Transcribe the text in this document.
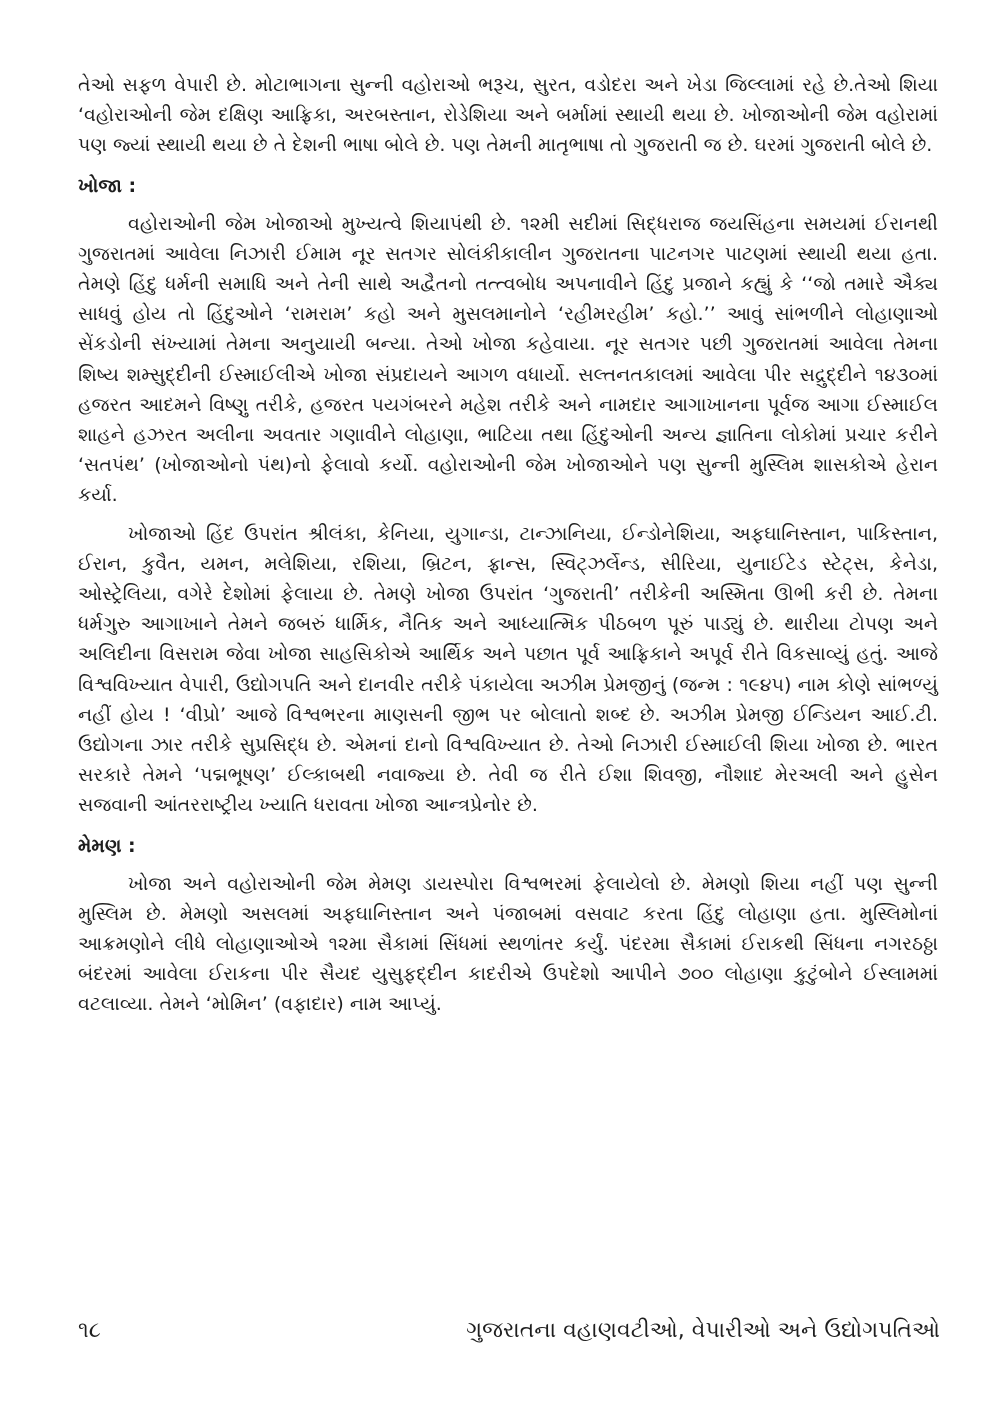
તેઓ સફળ વેપારી છે. મોટાભાગના સુન્ની વહોરાઓ ભરૂચ, સુરત, વડોદરા અને ખેડા જિલ્લામાં રહે છે.તેઓ શિયા ‘વહોરાઓની જેમ દક્ષિણ આફ્રિકા, અરબસ્તાન, રોડેશિયા અને બર્મામાં સ્થાયી થયા છે. ખોજાઓની જેમ વહોરામાં પણ જ્યાં સ્થાયી થયા છે તે દેશની ભાષા બોલે છે. પણ તેમની માતૃભાષા તો ગુજરાતી જ છે. ઘરમાં ગુજરાતી બોલે છે.

ખોજા :

વહોરાઓની જેમ ખોજાઓ મુખ્યત્વે શિયાપંથી છે. ૧૨મી સદીમાં સિદ્ધરાજ જયસિંહના સમયમાં ઈરાનથી ગુજરાતમાં આવેલા નિઝારી ઈમામ નૂર સતગર સોલંકીકાલીન ગુજરાતના પાટનગર પાટણમાં સ્થાયી થયા હતા. તેમણે હિંદુ ધર્મની સમાધિ અને તેની સાથે અદ્વૈતનો તત્ત્વબોધ અપનાવીને હિંદુ પ્રજાને કહ્યું કે ‘‘જો તમારે ઐક્ય સાધવું હોય તો હિંદુઓને ‘રામરામ’ કહો અને મુસલમાનોને ‘રહીમરહીમ’ કહો.’’ આવું સાંભળીને લોહાણાઓ સેંકડોની સંખ્યામાં તેમના અનુયાયી બન્યા. તેઓ ખોજા કહેવાયા. નૂર સતગર પછી ગુજરાતમાં આવેલા તેમના શિષ્ય શમ્સુદ્દીની ઈસ્માઈલીએ ખોજા સંપ્રદાયને આગળ વધાર્યો. સલ્તનતકાલમાં આવેલા પીર સદ્રુદ્દીને ૧૪૩૦માં હજરત આદમને વિષ્ણુ તરીકે, હજરત પયગંબરને મહેશ તરીકે અને નામદાર આગાખાનના પૂર્વજ આગા ઈસ્માઈલ શાહને હઝરત અલીના અવતાર ગણાવીને લોહાણા, ભાટિયા તથા હિંદુઓની અન્ય જ્ઞાતિના લોકોમાં પ્રચાર કરીને ‘સતપંથ’ (ખોજાઓનો પંથ)નો ફેલાવો કર્યો. વહોરાઓની જેમ ખોજાઓને પણ સુન્ની મુસ્લિમ શાસકોએ હેરાન કર્યા.

ખોજાઓ હિંદ ઉપરાંત શ્રીલંકા, કેનિયા, યુગાન્ડા, ટાન્ઝાનિયા, ઈન્ડોનેશિયા, અફઘાનિસ્તાન, પાકિસ્તાન, ઈરાન, કુવૈત, યમન, મલેશિયા, રશિયા, બ્રિટન, ફ્રાન્સ, સ્વિટ્ઝર્લેન્ડ, સીરિયા, યુનાઈટેડ સ્ટેટ્સ, કેનેડા, ઓસ્ટ્રેલિયા, વગેરે દેશોમાં ફેલાયા છે. તેમણે ખોજા ઉપરાંત ‘ગુજરાતી’ તરીકેની અસ્મિતા ઊભી કરી છે. તેમના ધર્મગુરુ આગાખાને તેમને જબરું ધાર્મિક, નૈતિક અને આધ્યાત્મિક પીઠબળ પૂરું પાડ્યું છે. થારીયા ટોપણ અને અલિદીના વિસરામ જેવા ખોજા સાહસિકોએ આર્થિક અને પછાત પૂર્વ આફ્રિકાને અપૂર્વ રીતે વિકસાવ્યું હતું. આજે વિશ્વવિખ્યાત વેપારી, ઉદ્યોગપતિ અને દાનવીર તરીકે પંકાયેલા અઝીમ પ્રેમજીનું (જન્મ : ૧૯૪૫) નામ કોણે સાંભળ્યું નહીં હોય ! ‘વીપ્રો’ આજે વિશ્વભરના માણસની જીભ પર બોલાતો શબ્દ છે. અઝીમ પ્રેમજી ઈન્ડિયન આઈ.ટી. ઉદ્યોગના ઝાર તરીકે સુપ્રસિદ્ધ છે. એમનાં દાનો વિશ્વવિખ્યાત છે. તેઓ નિઝારી ઈસ્માઈલી શિયા ખોજા છે. ભારત સરકારે તેમને ‘પદ્મભૂષણ’ ઈલ્કાબથી નવાજ્યા છે. તેવી જ રીતે ઈશા શિવજી, નૌશાદ મેરઅલી અને હુસેન સજવાની આંતરરાષ્ટ્રીય ખ્યાતિ ધરાવતા ખોજા આન્ત્રપ્રેનોર છે.

મેમણ :

ખોજા અને વહોરાઓની જેમ મેમણ ડાયસ્પોરા વિશ્વભરમાં ફેલાયેલો છે. મેમણો શિયા નહીં પણ સુન્ની મુસ્લિમ છે. મેમણો અસલમાં અફઘાનિસ્તાન અને પંજાબમાં વસવાટ કરતા હિંદુ લોહાણા હતા. મુસ્લિમોનાં આક્રમણોને લીધે લોહાણાઓએ ૧૨મા સૈકામાં સિંધમાં સ્થળાંતર કર્યું. પંદરમા સૈકામાં ઈરાકથી સિંધના નગરઠઠ્ઠા બંદરમાં આવેલા ઈરાકના પીર સૈયદ યુસુફદ્દીન કાદરીએ ઉપદેશો આપીને ૭૦૦ લોહાણા કુટુંબોને ઈસ્લામમાં વટલાવ્યા. તેમને ‘મોમિન’ (વફાદાર) નામ આપ્યું.

૧૮	ગુજરાતના વહાણવટીઓ, વેપારીઓ અને ઉદ્યોગપતિઓ
